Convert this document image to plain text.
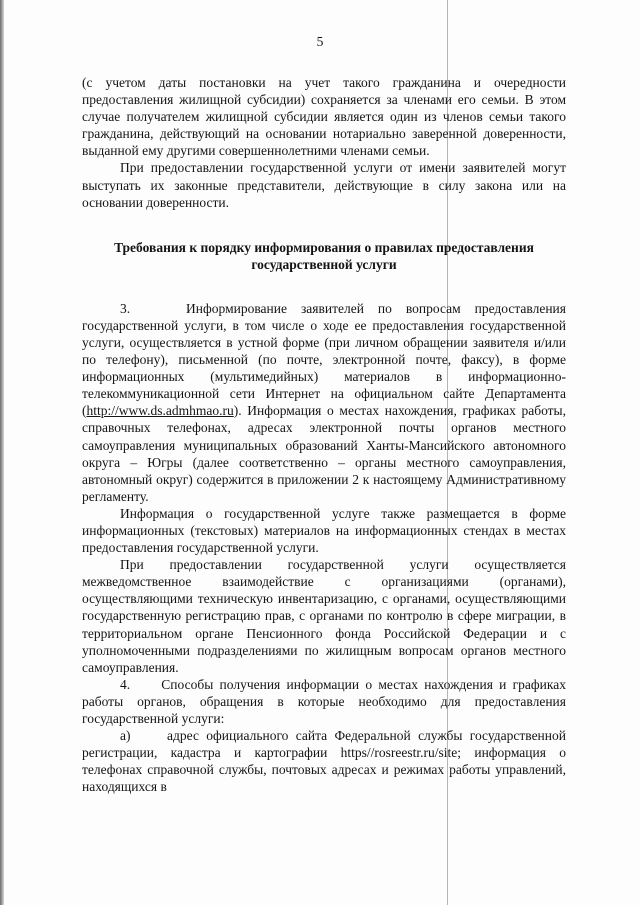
5

(с учетом даты постановки на учет такого гражданина и очередности предоставления жилищной субсидии) сохраняется за членами его семьи. В этом случае получателем жилищной субсидии является один из членов семьи такого гражданина, действующий на основании нотариально заверенной доверенности, выданной ему другими совершеннолетними членами семьи.

При предоставлении государственной услуги от имени заявителей могут выступать их законные представители, действующие в силу закона или на основании доверенности.

Требования к порядку информирования о правилах предоставления государственной услуги

3.    Информирование заявителей по вопросам предоставления государственной услуги, в том числе о ходе ее предоставления государственной услуги, осуществляется в устной форме (при личном обращении заявителя и/или по телефону), письменной (по почте, электронной почте, факсу), в форме информационных (мультимедийных) материалов в информационно-телекоммуникационной сети Интернет на официальном сайте Департамента (http://www.ds.admhmao.ru). Информация о местах нахождения, графиках работы, справочных телефонах, адресах электронной почты органов местного самоуправления муниципальных образований Ханты-Мансийского автономного округа – Югры (далее соответственно – органы местного самоуправления, автономный округ) содержится в приложении 2 к настоящему Административному регламенту.

Информация о государственной услуге также размещается в форме информационных (текстовых) материалов на информационных стендах в местах предоставления государственной услуги.

При предоставлении государственной услуги осуществляется межведомственное взаимодействие с организациями (органами), осуществляющими техническую инвентаризацию, с органами, осуществляющими государственную регистрацию прав, с органами по контролю в сфере миграции, в территориальном органе Пенсионного фонда Российской Федерации и с уполномоченными подразделениями по жилищным вопросам органов местного самоуправления.

4.     Способы получения информации о местах нахождения и графиках работы органов, обращения в которые необходимо для предоставления государственной услуги:

а)     адрес официального сайта Федеральной службы государственной регистрации, кадастра и картографии https//rosreestr.ru/site; информация о телефонах справочной службы, почтовых адресах и режимах работы управлений, находящихся в
